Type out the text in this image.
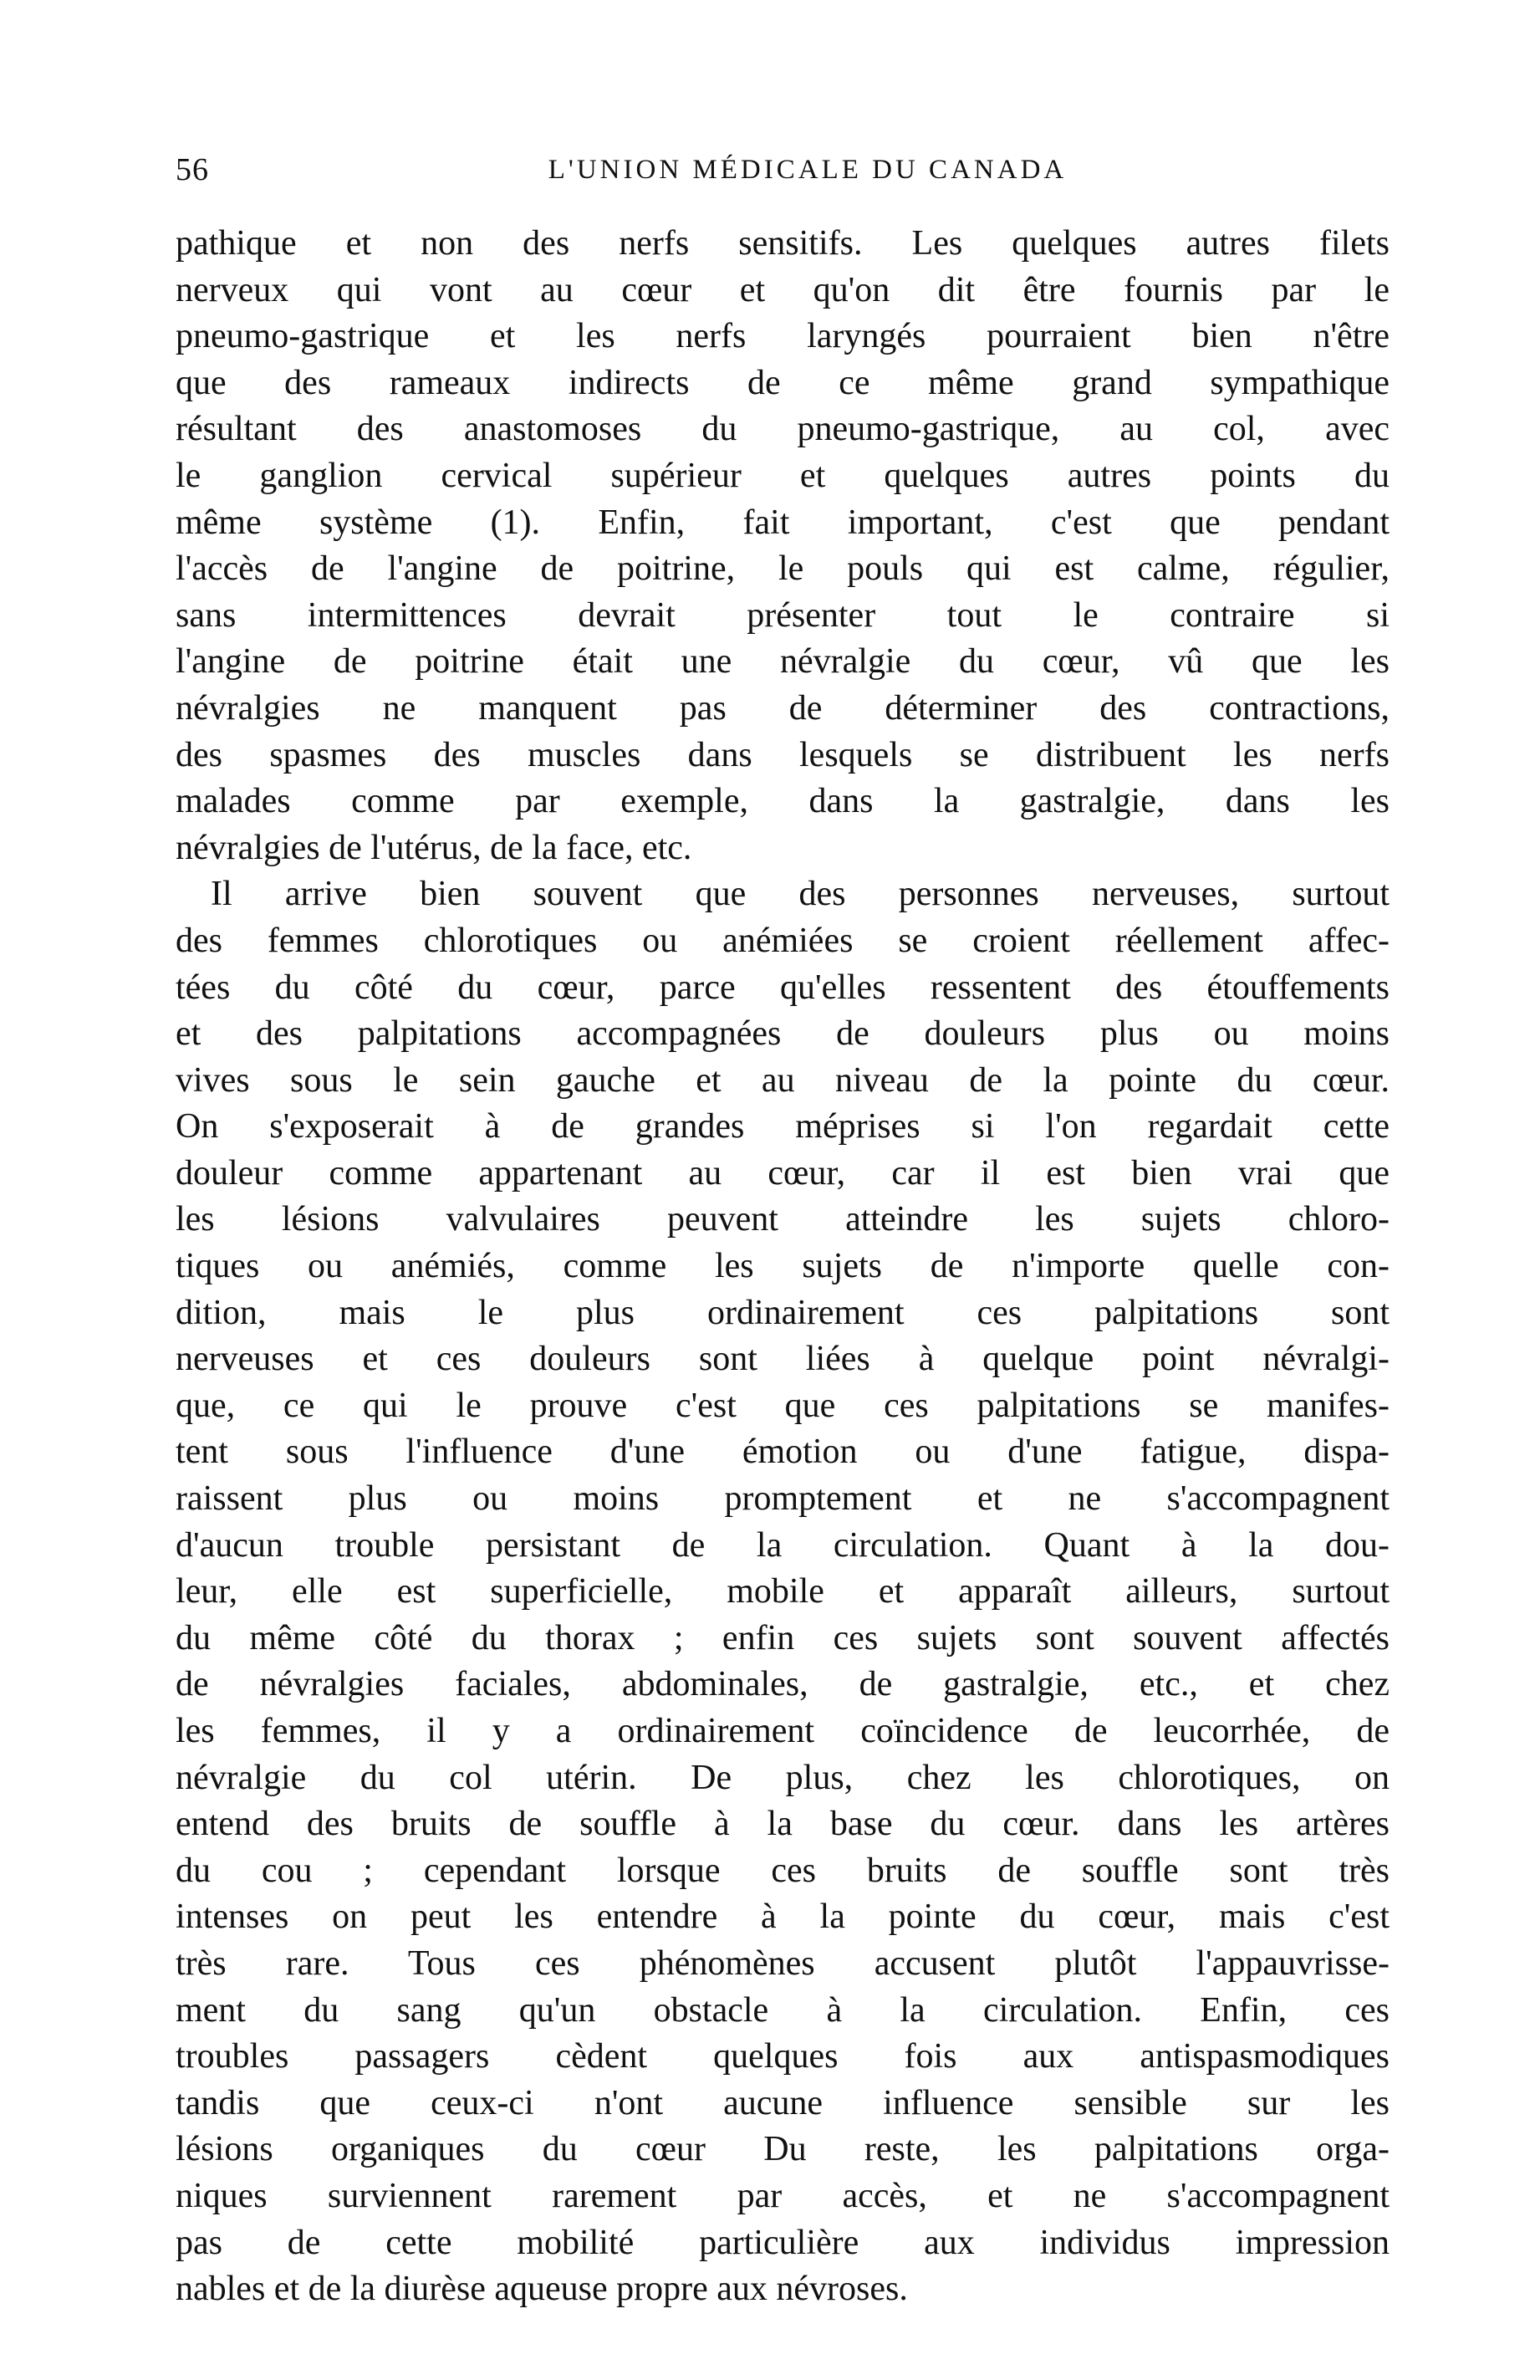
56	L'UNION MÉDICALE DU CANADA
pathique et non des nerfs sensitifs. Les quelques autres filets
nerveux qui vont au cœur et qu'on dit être fournis par le
pneumo-gastrique et les nerfs laryngés pourraient bien n'être
que des rameaux indirects de ce même grand sympathique
résultant des anastomoses du pneumo-gastrique, au col, avec
le ganglion cervical supérieur et quelques autres points du
même système (1). Enfin, fait important, c'est que pendant
l'accès de l'angine de poitrine, le pouls qui est calme, régulier,
sans intermittences devrait présenter tout le contraire si
l'angine de poitrine était une névralgie du cœur, vû que les
névralgies ne manquent pas de déterminer des contractions,
des spasmes des muscles dans lesquels se distribuent les nerfs
malades comme par exemple, dans la gastralgie, dans les
névralgies de l'utérus, de la face, etc.
Il arrive bien souvent que des personnes nerveuses, surtout
des femmes chlorotiques ou anémiées se croient réellement affec-
tées du côté du cœur, parce qu'elles ressentent des étouffements
et des palpitations accompagnées de douleurs plus ou moins
vives sous le sein gauche et au niveau de la pointe du cœur.
On s'exposerait à de grandes méprises si l'on regardait cette
douleur comme appartenant au cœur, car il est bien vrai que
les lésions valvulaires peuvent atteindre les sujets chloro-
tiques ou anémiés, comme les sujets de n'importe quelle con-
dition, mais le plus ordinairement ces palpitations sont
nerveuses et ces douleurs sont liées à quelque point névralgi-
que, ce qui le prouve c'est que ces palpitations se manifes-
tent sous l'influence d'une émotion ou d'une fatigue, dispa-
raissent plus ou moins promptement et ne s'accompagnent
d'aucun trouble persistant de la circulation. Quant à la dou-
leur, elle est superficielle, mobile et apparaît ailleurs, surtout
du même côté du thorax ; enfin ces sujets sont souvent affectés
de névralgies faciales, abdominales, de gastralgie, etc., et chez
les femmes, il y a ordinairement coïncidence de leucorrhée, de
névralgie du col utérin. De plus, chez les chlorotiques, on
entend des bruits de souffle à la base du cœur. dans les artères
du cou ; cependant lorsque ces bruits de souffle sont très
intenses on peut les entendre à la pointe du cœur, mais c'est
très rare. Tous ces phénomènes accusent plutôt l'appauvrisse-
ment du sang qu'un obstacle à la circulation. Enfin, ces
troubles passagers cèdent quelques fois aux antispasmodiques
tandis que ceux-ci n'ont aucune influence sensible sur les
lésions organiques du cœur Du reste, les palpitations orga-
niques surviennent rarement par accès, et ne s'accompagnent
pas de cette mobilité particulière aux individus impression
nables et de la diurèse aqueuse propre aux névroses.
